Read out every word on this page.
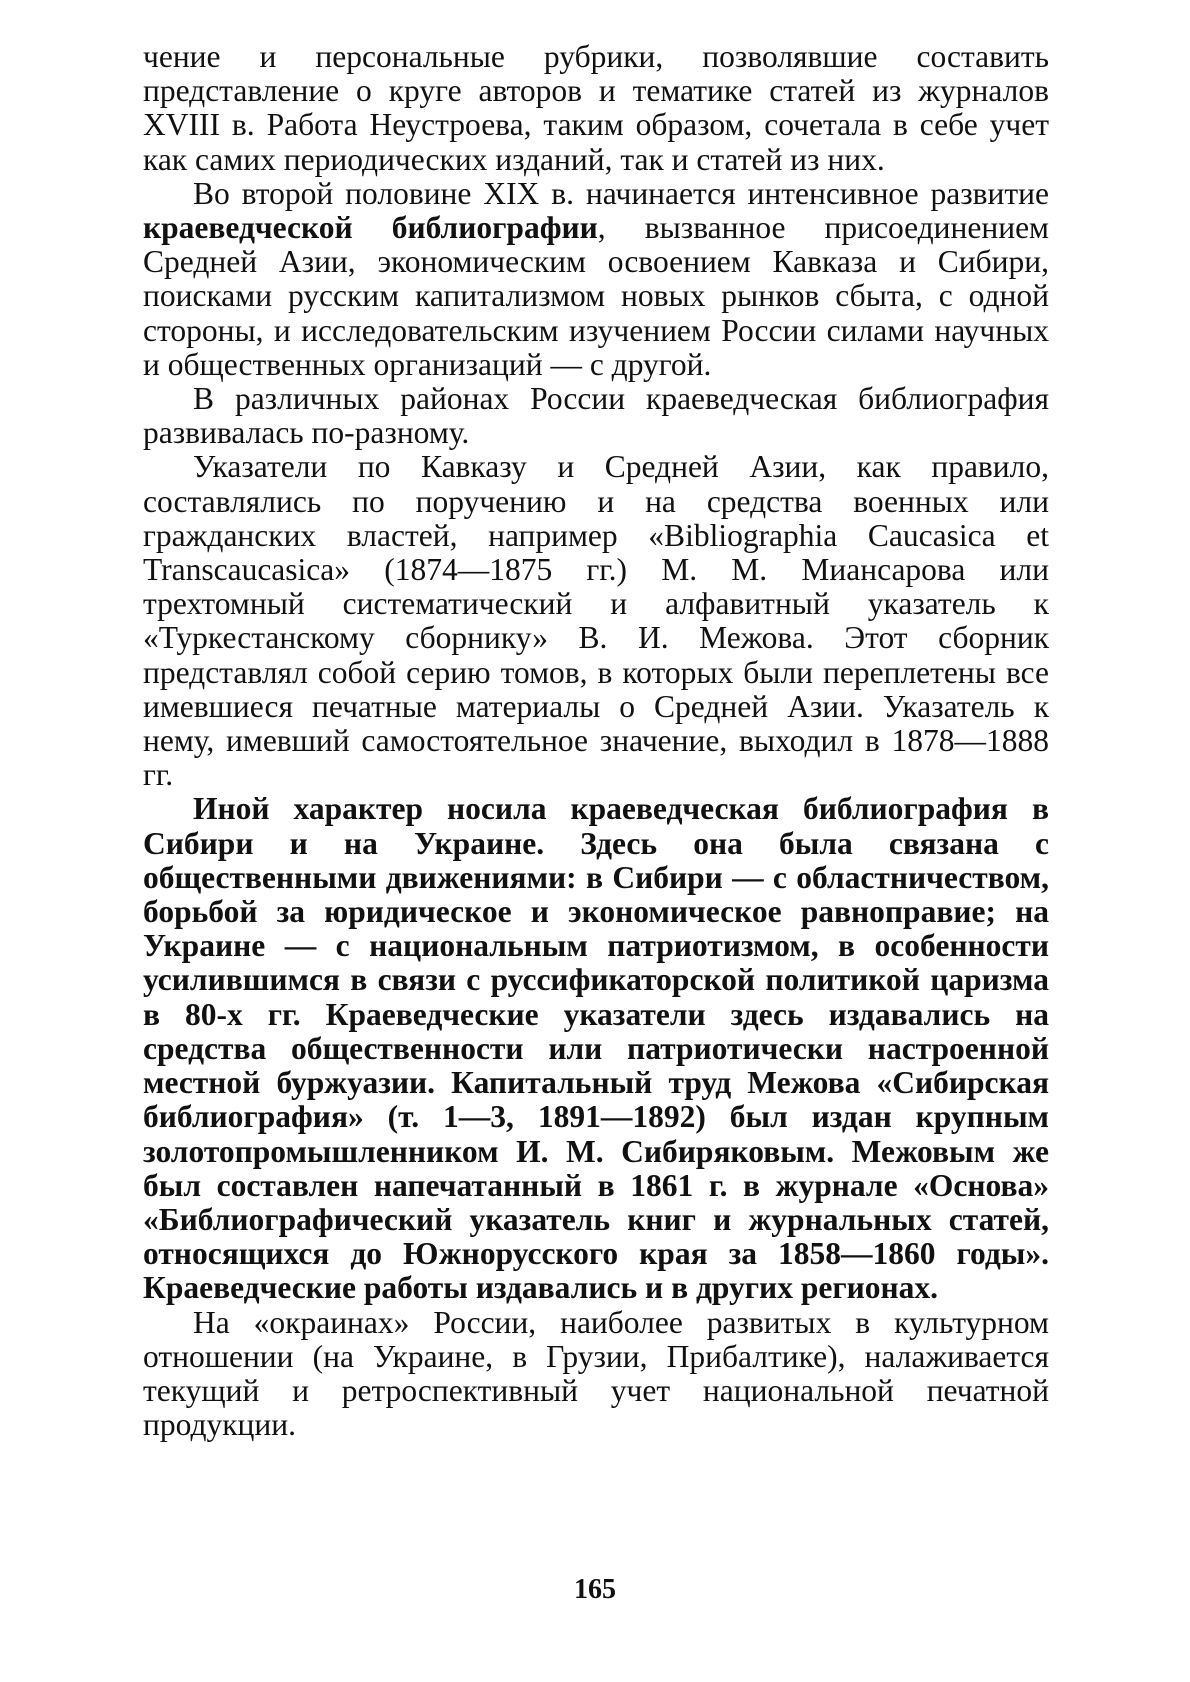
чение и персональные рубрики, позволявшие составить представление о круге авторов и тематике статей из журналов XVIII в. Работа Неустроева, таким образом, сочетала в себе учет как самих периодических изданий, так и статей из них.

Во второй половине XIX в. начинается интенсивное развитие краеведческой библиографии, вызванное присоединением Средней Азии, экономическим освоением Кавказа и Сибири, поисками русским капитализмом новых рынков сбыта, с одной стороны, и исследовательским изучением России силами научных и общественных организаций — с другой.

В различных районах России краеведческая библиография развивалась по-разному.

Указатели по Кавказу и Средней Азии, как правило, составлялись по поручению и на средства военных или гражданских властей, например «Bibliographia Caucasica et Transcaucasica» (1874—1875 гг.) М. М. Миансарова или трехтомный систематический и алфавитный указатель к «Туркестанскому сборнику» В. И. Межова. Этот сборник представлял собой серию томов, в которых были переплетены все имевшиеся печатные материалы о Средней Азии. Указатель к нему, имевший самостоятельное значение, выходил в 1878—1888 гг.

Иной характер носила краеведческая библиография в Сибири и на Украине. Здесь она была связана с общественными движениями: в Сибири — с областничеством, борьбой за юридическое и экономическое равноправие; на Украине — с национальным патриотизмом, в особенности усилившимся в связи с руссификаторской политикой царизма в 80-х гг. Краеведческие указатели здесь издавались на средства общественности или патриотически настроенной местной буржуазии. Капитальный труд Межова «Сибирская библиография» (т. 1—3, 1891—1892) был издан крупным золотопромышленником И. М. Сибиряковым. Межовым же был составлен напечатанный в 1861 г. в журнале «Основа» «Библиографический указатель книг и журнальных статей, относящихся до Южнорусского края за 1858—1860 годы». Краеведческие работы издавались и в других регионах.

На «окраинах» России, наиболее развитых в культурном отношении (на Украине, в Грузии, Прибалтике), налаживается текущий и ретроспективный учет национальной печатной продукции.

165
